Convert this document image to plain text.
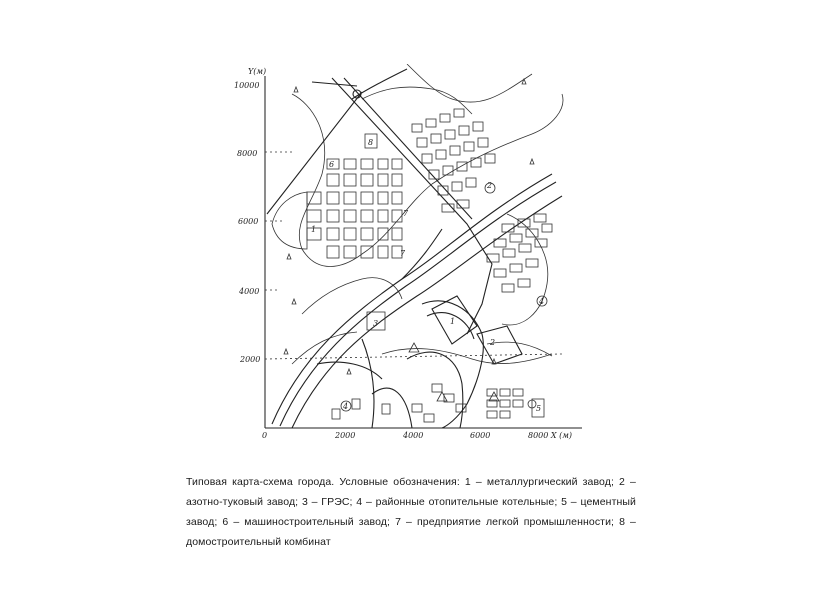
Y(м)
10000
8000
6000
4000
2000
0	2000	4000	6000	8000 X (м)
8
6
7
2
1
3
2
1
7
5
4
4
Типовая карта-схема города. Условные обозначения: 1 – металлургический завод; 2 – азотно-туковый завод; 3 – ГРЭС; 4 – районные отопительные котельные; 5 – цементный завод; 6 – машиностроительный завод; 7 – предприятие легкой промышленности; 8 – домостроительный комбинат
